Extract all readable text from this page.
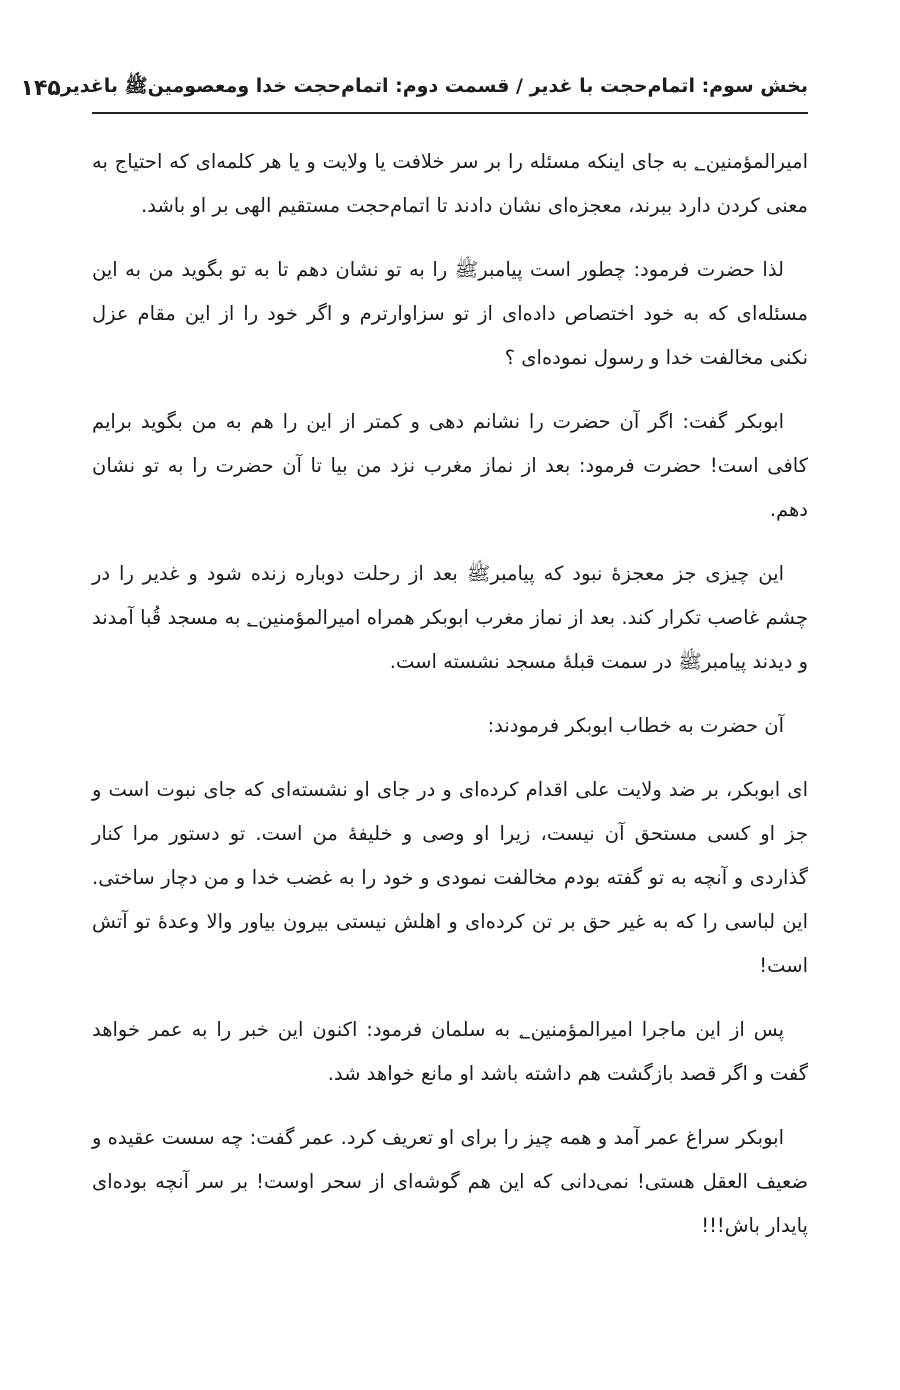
بخش سوم: اتمام‌حجت با غدیر / قسمت دوم: اتمام‌حجت خدا ومعصومینﷺ باغدیر
۱۴۵

امیرالمؤمنین؂ به جای اینکه مسئله را بر سر خلافت یا ولایت و یا هر کلمه‌ای که احتیاج به معنی کردن دارد ببرند، معجزه‌ای نشان دادند تا اتمام‌حجت مستقیم الهی بر او باشد.

لذا حضرت فرمود: چطور است پیامبرﷺ را به تو نشان دهم تا به تو بگوید من به این مسئله‌ای که به خود اختصاص داده‌ای از تو سزاوارترم و اگر خود را از این مقام عزل نکنی مخالفت خدا و رسول نموده‌ای ؟

ابوبکر گفت: اگر آن حضرت را نشانم دهی و کمتر از این را هم به من بگوید برایم کافی است! حضرت فرمود: بعد از نماز مغرب نزد من بیا تا آن حضرت را به تو نشان دهم.

این چیزی جز معجزهٔ نبود که پیامبرﷺ بعد از رحلت دوباره زنده شود و غدیر را در چشم غاصب تکرار کند. بعد از نماز مغرب ابوبکر همراه امیرالمؤمنین؂ به مسجد قُبا آمدند و دیدند پیامبرﷺ در سمت قبلهٔ مسجد نشسته است.

آن حضرت به خطاب ابوبکر فرمودند:

ای ابوبکر، بر ضد ولایت علی اقدام کرده‌ای و در جای او نشسته‌ای که جای نبوت است و جز او کسی مستحق آن نیست، زیرا او وصی و خلیفهٔ من است. تو دستور مرا کنار گذاردی و آنچه به تو گفته بودم مخالفت نمودی و خود را به غضب خدا و من دچار ساختی. این لباسی را که به غیر حق بر تن کرده‌ای و اهلش نیستی بیرون بیاور والا وعدهٔ تو آتش است!

پس از این ماجرا امیرالمؤمنین؂ به سلمان فرمود: اکنون این خبر را به عمر خواهد گفت و اگر قصد بازگشت هم داشته باشد او مانع خواهد شد.

ابوبکر سراغ عمر آمد و همه چیز را برای او تعریف کرد. عمر گفت: چه سست عقیده و ضعیف العقل هستی! نمی‌دانی که این هم گوشه‌ای از سحر اوست! بر سر آنچه بوده‌ای پایدار باش!!!
